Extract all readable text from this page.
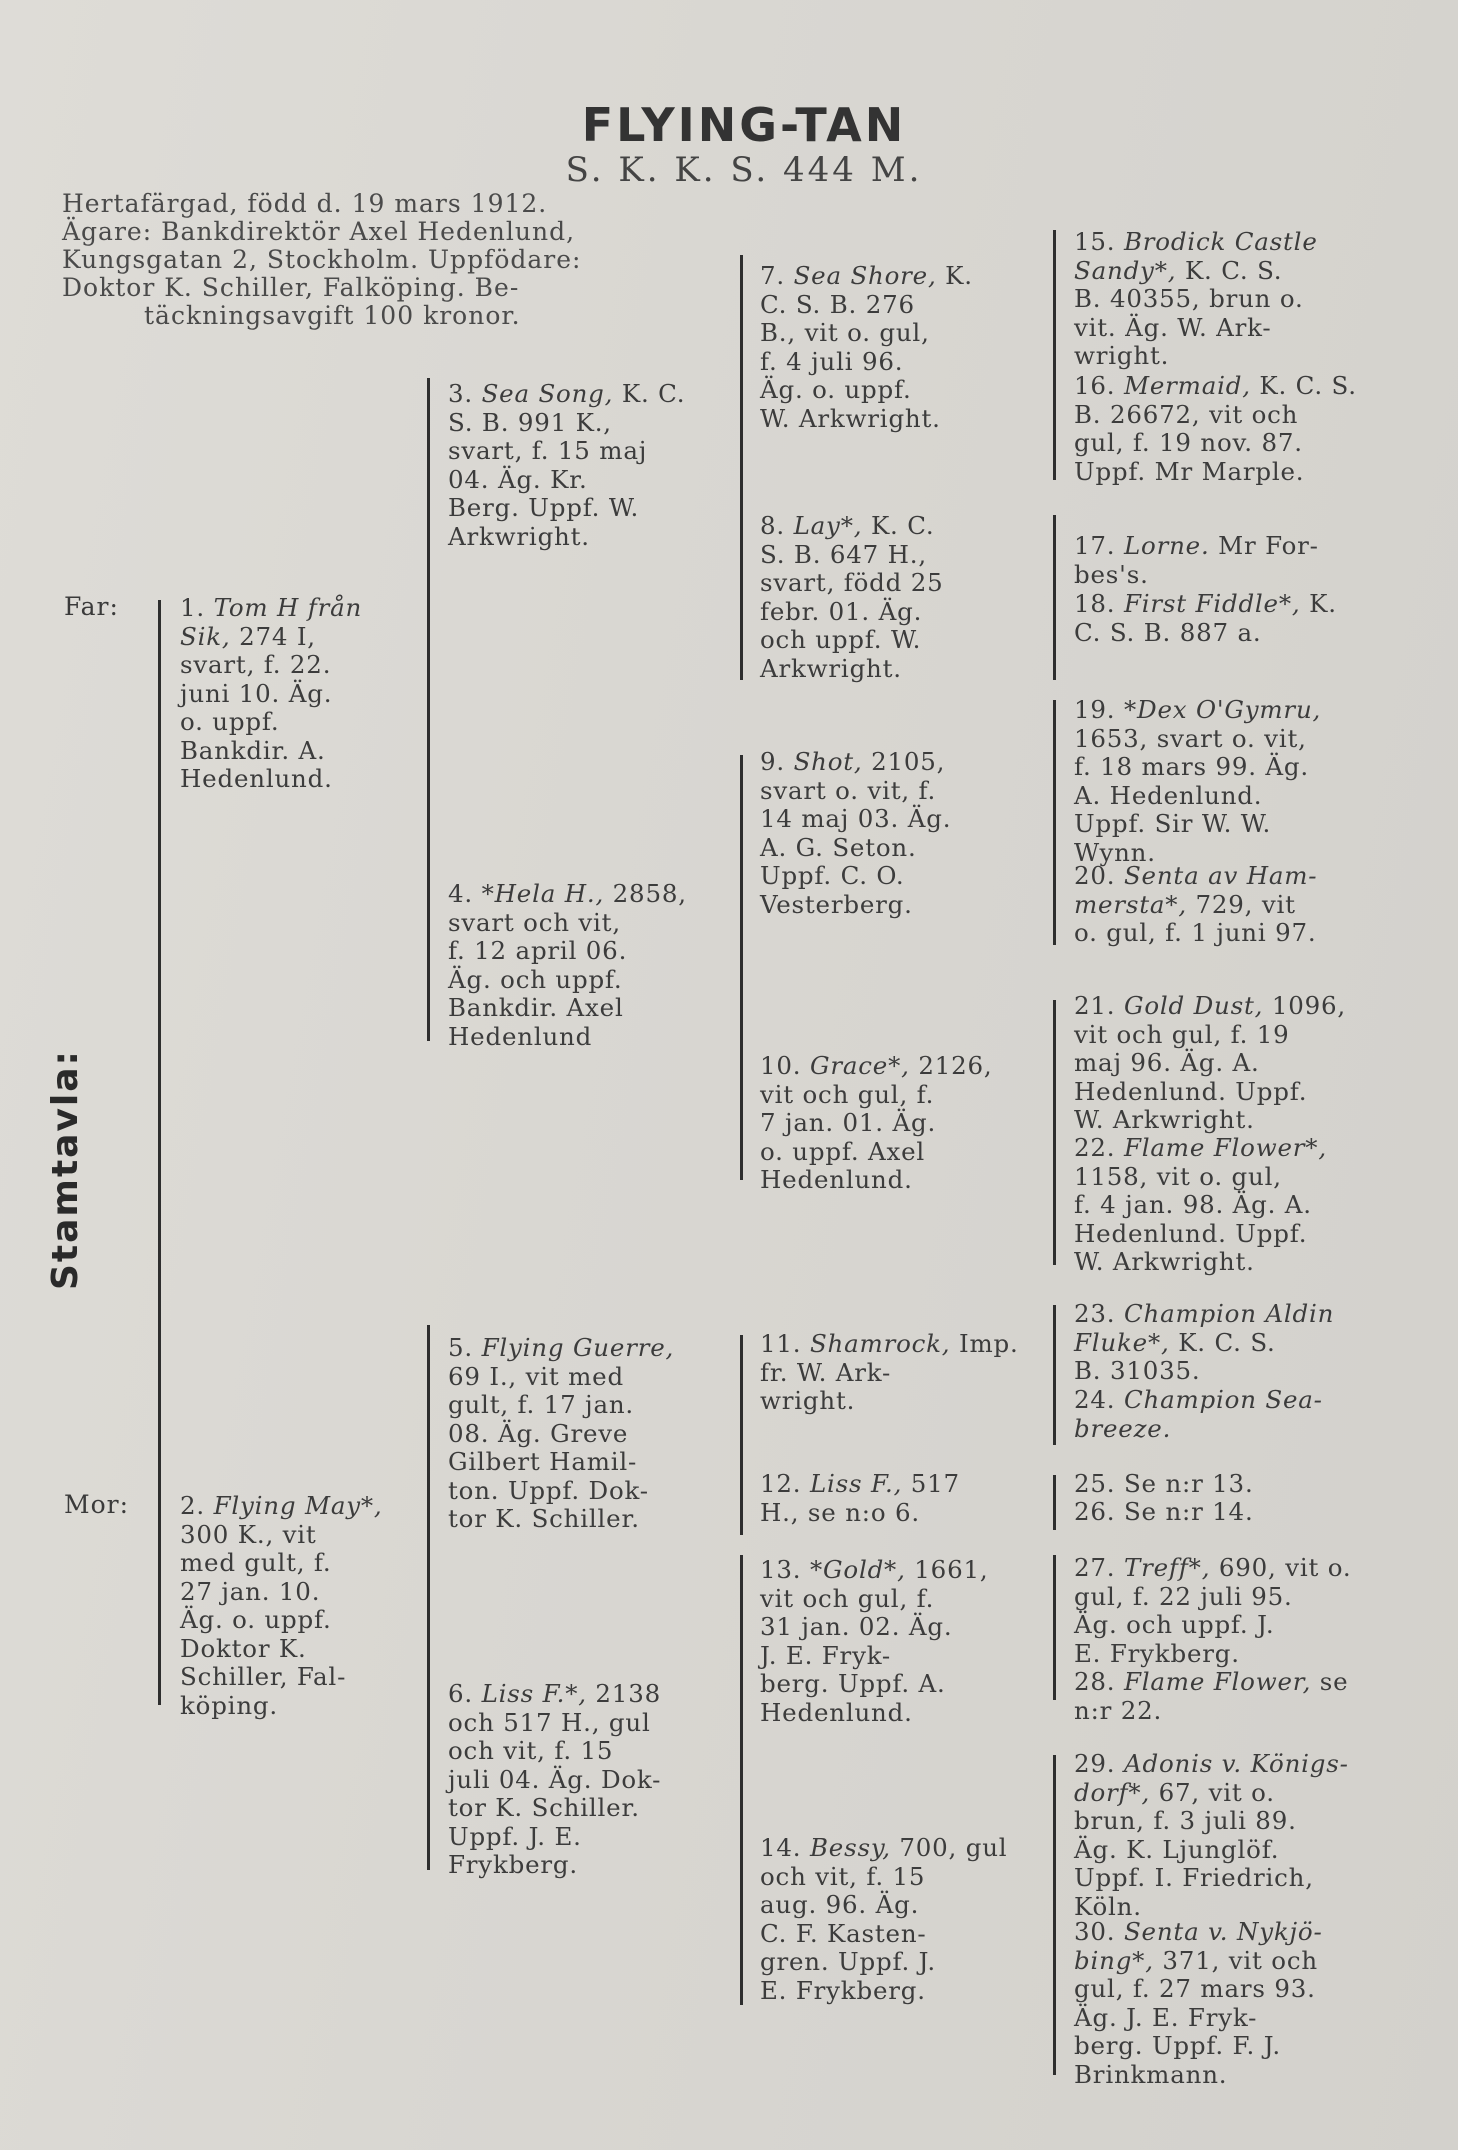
FLYING-TAN
S. K. K. S. 444 M.
Hertafärgad, född d. 19 mars 1912.
Ägare: Bankdirektör Axel Hedenlund,
Kungsgatan 2, Stockholm. Uppfödare:
Doktor K. Schiller, Falköping. Be-
täckningsavgift 100 kronor.
Stamtavla:
Far:
Mor:
1. Tom H från
Sik, 274 I,
svart, f. 22.
juni 10. Äg.
o. uppf.
Bankdir. A.
Hedenlund.
2. Flying May*,
300 K., vit
med gult, f.
27 jan. 10.
Äg. o. uppf.
Doktor K.
Schiller, Fal-
köping.
3. Sea Song, K. C.
S. B. 991 K.,
svart, f. 15 maj
04. Äg. Kr.
Berg. Uppf. W.
Arkwright.
4. *Hela H., 2858,
svart och vit,
f. 12 april 06.
Äg. och uppf.
Bankdir. Axel
Hedenlund
5. Flying Guerre,
69 I., vit med
gult, f. 17 jan.
08. Äg. Greve
Gilbert Hamil-
ton. Uppf. Dok-
tor K. Schiller.
6. Liss F.*, 2138
och 517 H., gul
och vit, f. 15
juli 04. Äg. Dok-
tor K. Schiller.
Uppf. J. E.
Frykberg.
7. Sea Shore, K.
C. S. B. 276
B., vit o. gul,
f. 4 juli 96.
Äg. o. uppf.
W. Arkwright.
8. Lay*, K. C.
S. B. 647 H.,
svart, född 25
febr. 01. Äg.
och uppf. W.
Arkwright.
9. Shot, 2105,
svart o. vit, f.
14 maj 03. Äg.
A. G. Seton.
Uppf. C. O.
Vesterberg.
10. Grace*, 2126,
vit och gul, f.
7 jan. 01. Äg.
o. uppf. Axel
Hedenlund.
11. Shamrock, Imp.
fr. W. Ark-
wright.
12. Liss F., 517
H., se n:o 6.
13. *Gold*, 1661,
vit och gul, f.
31 jan. 02. Äg.
J. E. Fryk-
berg. Uppf. A.
Hedenlund.
14. Bessy, 700, gul
och vit, f. 15
aug. 96. Äg.
C. F. Kasten-
gren. Uppf. J.
E. Frykberg.
15. Brodick Castle
Sandy*, K. C. S.
B. 40355, brun o.
vit. Äg. W. Ark-
wright.
16. Mermaid, K. C. S.
B. 26672, vit och
gul, f. 19 nov. 87.
Uppf. Mr Marple.
17. Lorne. Mr For-
bes's.
18. First Fiddle*, K.
C. S. B. 887 a.
19. *Dex O'Gymru,
1653, svart o. vit,
f. 18 mars 99. Äg.
A. Hedenlund.
Uppf. Sir W. W.
Wynn.
20. Senta av Ham-
mersta*, 729, vit
o. gul, f. 1 juni 97.
21. Gold Dust, 1096,
vit och gul, f. 19
maj 96. Äg. A.
Hedenlund. Uppf.
W. Arkwright.
22. Flame Flower*,
1158, vit o. gul,
f. 4 jan. 98. Äg. A.
Hedenlund. Uppf.
W. Arkwright.
23. Champion Aldin
Fluke*, K. C. S.
B. 31035.
24. Champion Sea-
breeze.
25. Se n:r 13.
26. Se n:r 14.
27. Treff*, 690, vit o.
gul, f. 22 juli 95.
Äg. och uppf. J.
E. Frykberg.
28. Flame Flower, se
n:r 22.
29. Adonis v. Königs-
dorf*, 67, vit o.
brun, f. 3 juli 89.
Äg. K. Ljunglöf.
Uppf. I. Friedrich,
Köln.
30. Senta v. Nykjö-
bing*, 371, vit och
gul, f. 27 mars 93.
Äg. J. E. Fryk-
berg. Uppf. F. J.
Brinkmann.
